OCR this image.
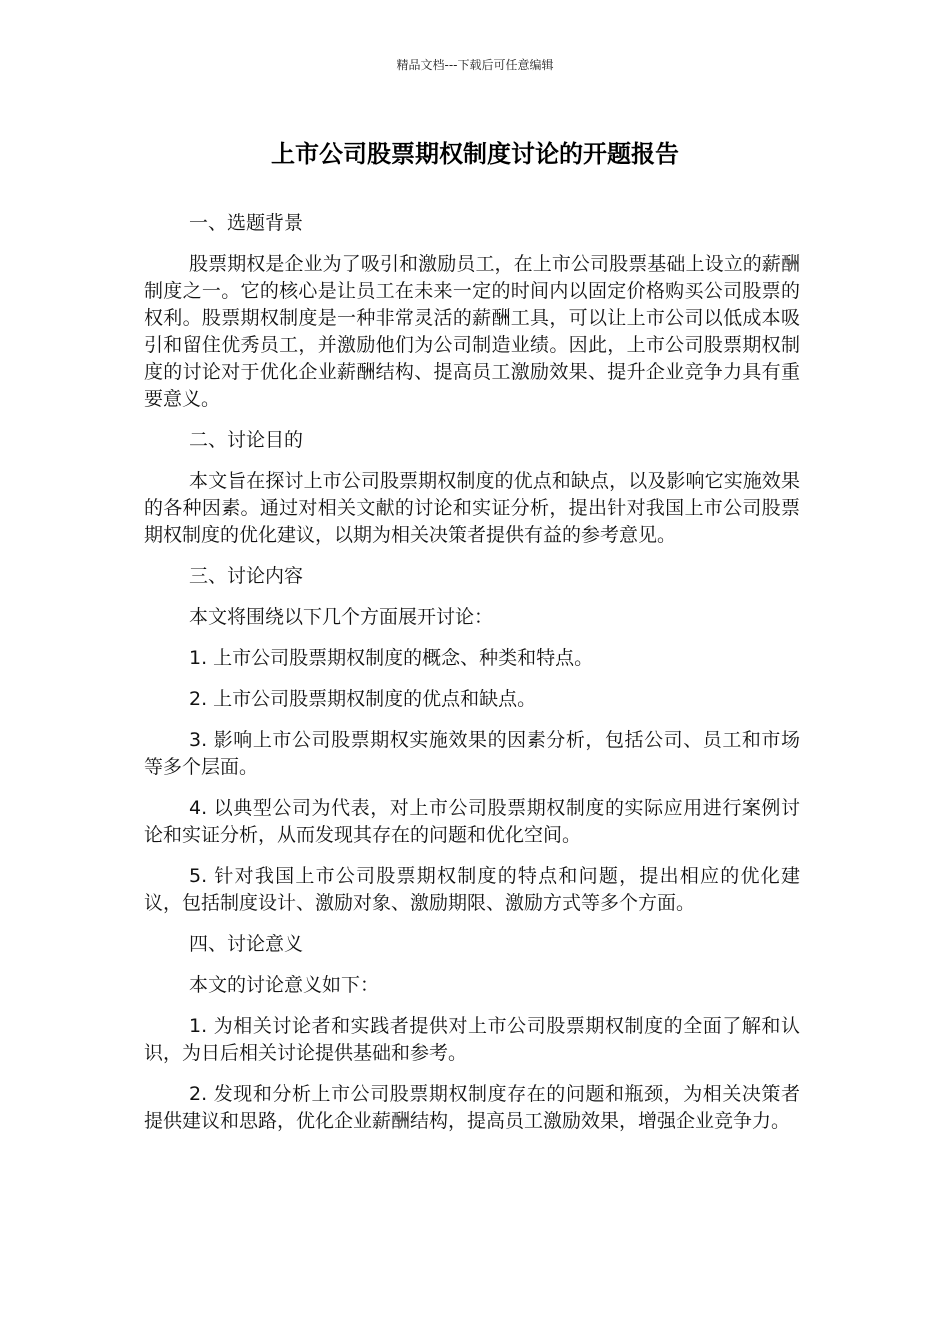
精品文档---下载后可任意编辑
上市公司股票期权制度讨论的开题报告

一、选题背景

股票期权是企业为了吸引和激励员工，在上市公司股票基础上设立的薪酬制度之一。它的核心是让员工在未来一定的时间内以固定价格购买公司股票的权利。股票期权制度是一种非常灵活的薪酬工具，可以让上市公司以低成本吸引和留住优秀员工，并激励他们为公司制造业绩。因此，上市公司股票期权制度的讨论对于优化企业薪酬结构、提高员工激励效果、提升企业竞争力具有重要意义。

二、讨论目的

本文旨在探讨上市公司股票期权制度的优点和缺点，以及影响它实施效果的各种因素。通过对相关文献的讨论和实证分析，提出针对我国上市公司股票期权制度的优化建议，以期为相关决策者提供有益的参考意见。

三、讨论内容

本文将围绕以下几个方面展开讨论：

1. 上市公司股票期权制度的概念、种类和特点。

2. 上市公司股票期权制度的优点和缺点。

3. 影响上市公司股票期权实施效果的因素分析，包括公司、员工和市场等多个层面。

4. 以典型公司为代表，对上市公司股票期权制度的实际应用进行案例讨论和实证分析，从而发现其存在的问题和优化空间。

5. 针对我国上市公司股票期权制度的特点和问题，提出相应的优化建议，包括制度设计、激励对象、激励期限、激励方式等多个方面。

四、讨论意义

本文的讨论意义如下：

1. 为相关讨论者和实践者提供对上市公司股票期权制度的全面了解和认识，为日后相关讨论提供基础和参考。

2. 发现和分析上市公司股票期权制度存在的问题和瓶颈，为相关决策者提供建议和思路，优化企业薪酬结构，提高员工激励效果，增强企业竞争力。
